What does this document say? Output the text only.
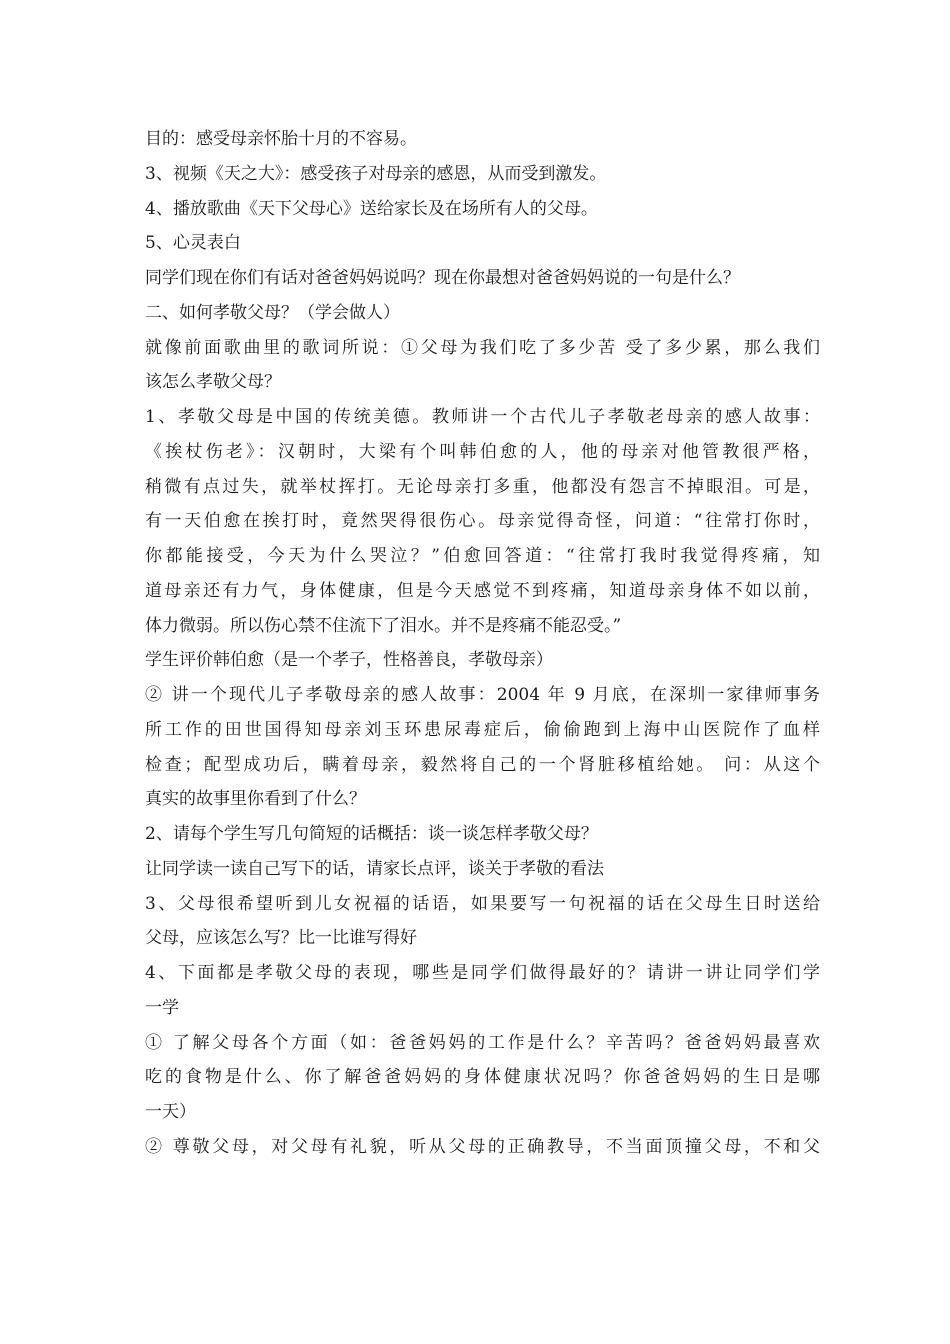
目的：感受母亲怀胎十月的不容易。
3、视频《天之大》：感受孩子对母亲的感恩，从而受到激发。
4、播放歌曲《天下父母心》送给家长及在场所有人的父母。
5、心灵表白
同学们现在你们有话对爸爸妈妈说吗？现在你最想对爸爸妈妈说的一句是什么？
二、如何孝敬父母？（学会做人）
就像前面歌曲里的歌词所说：①父母为我们吃了多少苦 受了多少累，那么我们
该怎么孝敬父母？
1、孝敬父母是中国的传统美德。教师讲一个古代儿子孝敬老母亲的感人故事：
《挨杖伤老》：汉朝时，大梁有个叫韩伯愈的人，他的母亲对他管教很严格，
稍微有点过失，就举杖挥打。无论母亲打多重，他都没有怨言不掉眼泪。可是，
有一天伯愈在挨打时，竟然哭得很伤心。母亲觉得奇怪，问道：“往常打你时，
你都能接受，今天为什么哭泣？”伯愈回答道：“往常打我时我觉得疼痛，知
道母亲还有力气，身体健康，但是今天感觉不到疼痛，知道母亲身体不如以前，
体力微弱。所以伤心禁不住流下了泪水。并不是疼痛不能忍受。”
学生评价韩伯愈（是一个孝子，性格善良，孝敬母亲）
② 讲一个现代儿子孝敬母亲的感人故事：2004 年 9 月底，在深圳一家律师事务
所工作的田世国得知母亲刘玉环患尿毒症后，偷偷跑到上海中山医院作了血样
检查；配型成功后，瞒着母亲，毅然将自己的一个肾脏移植给她。 问：从这个
真实的故事里你看到了什么？
2、请每个学生写几句简短的话概括：谈一谈怎样孝敬父母？
让同学读一读自己写下的话，请家长点评，谈关于孝敬的看法
3、父母很希望听到儿女祝福的话语，如果要写一句祝福的话在父母生日时送给
父母，应该怎么写？比一比谁写得好
4、下面都是孝敬父母的表现，哪些是同学们做得最好的？请讲一讲让同学们学
一学
① 了解父母各个方面（如：爸爸妈妈的工作是什么？辛苦吗？爸爸妈妈最喜欢
吃的食物是什么、你了解爸爸妈妈的身体健康状况吗？你爸爸妈妈的生日是哪
一天）
② 尊敬父母，对父母有礼貌，听从父母的正确教导，不当面顶撞父母，不和父
